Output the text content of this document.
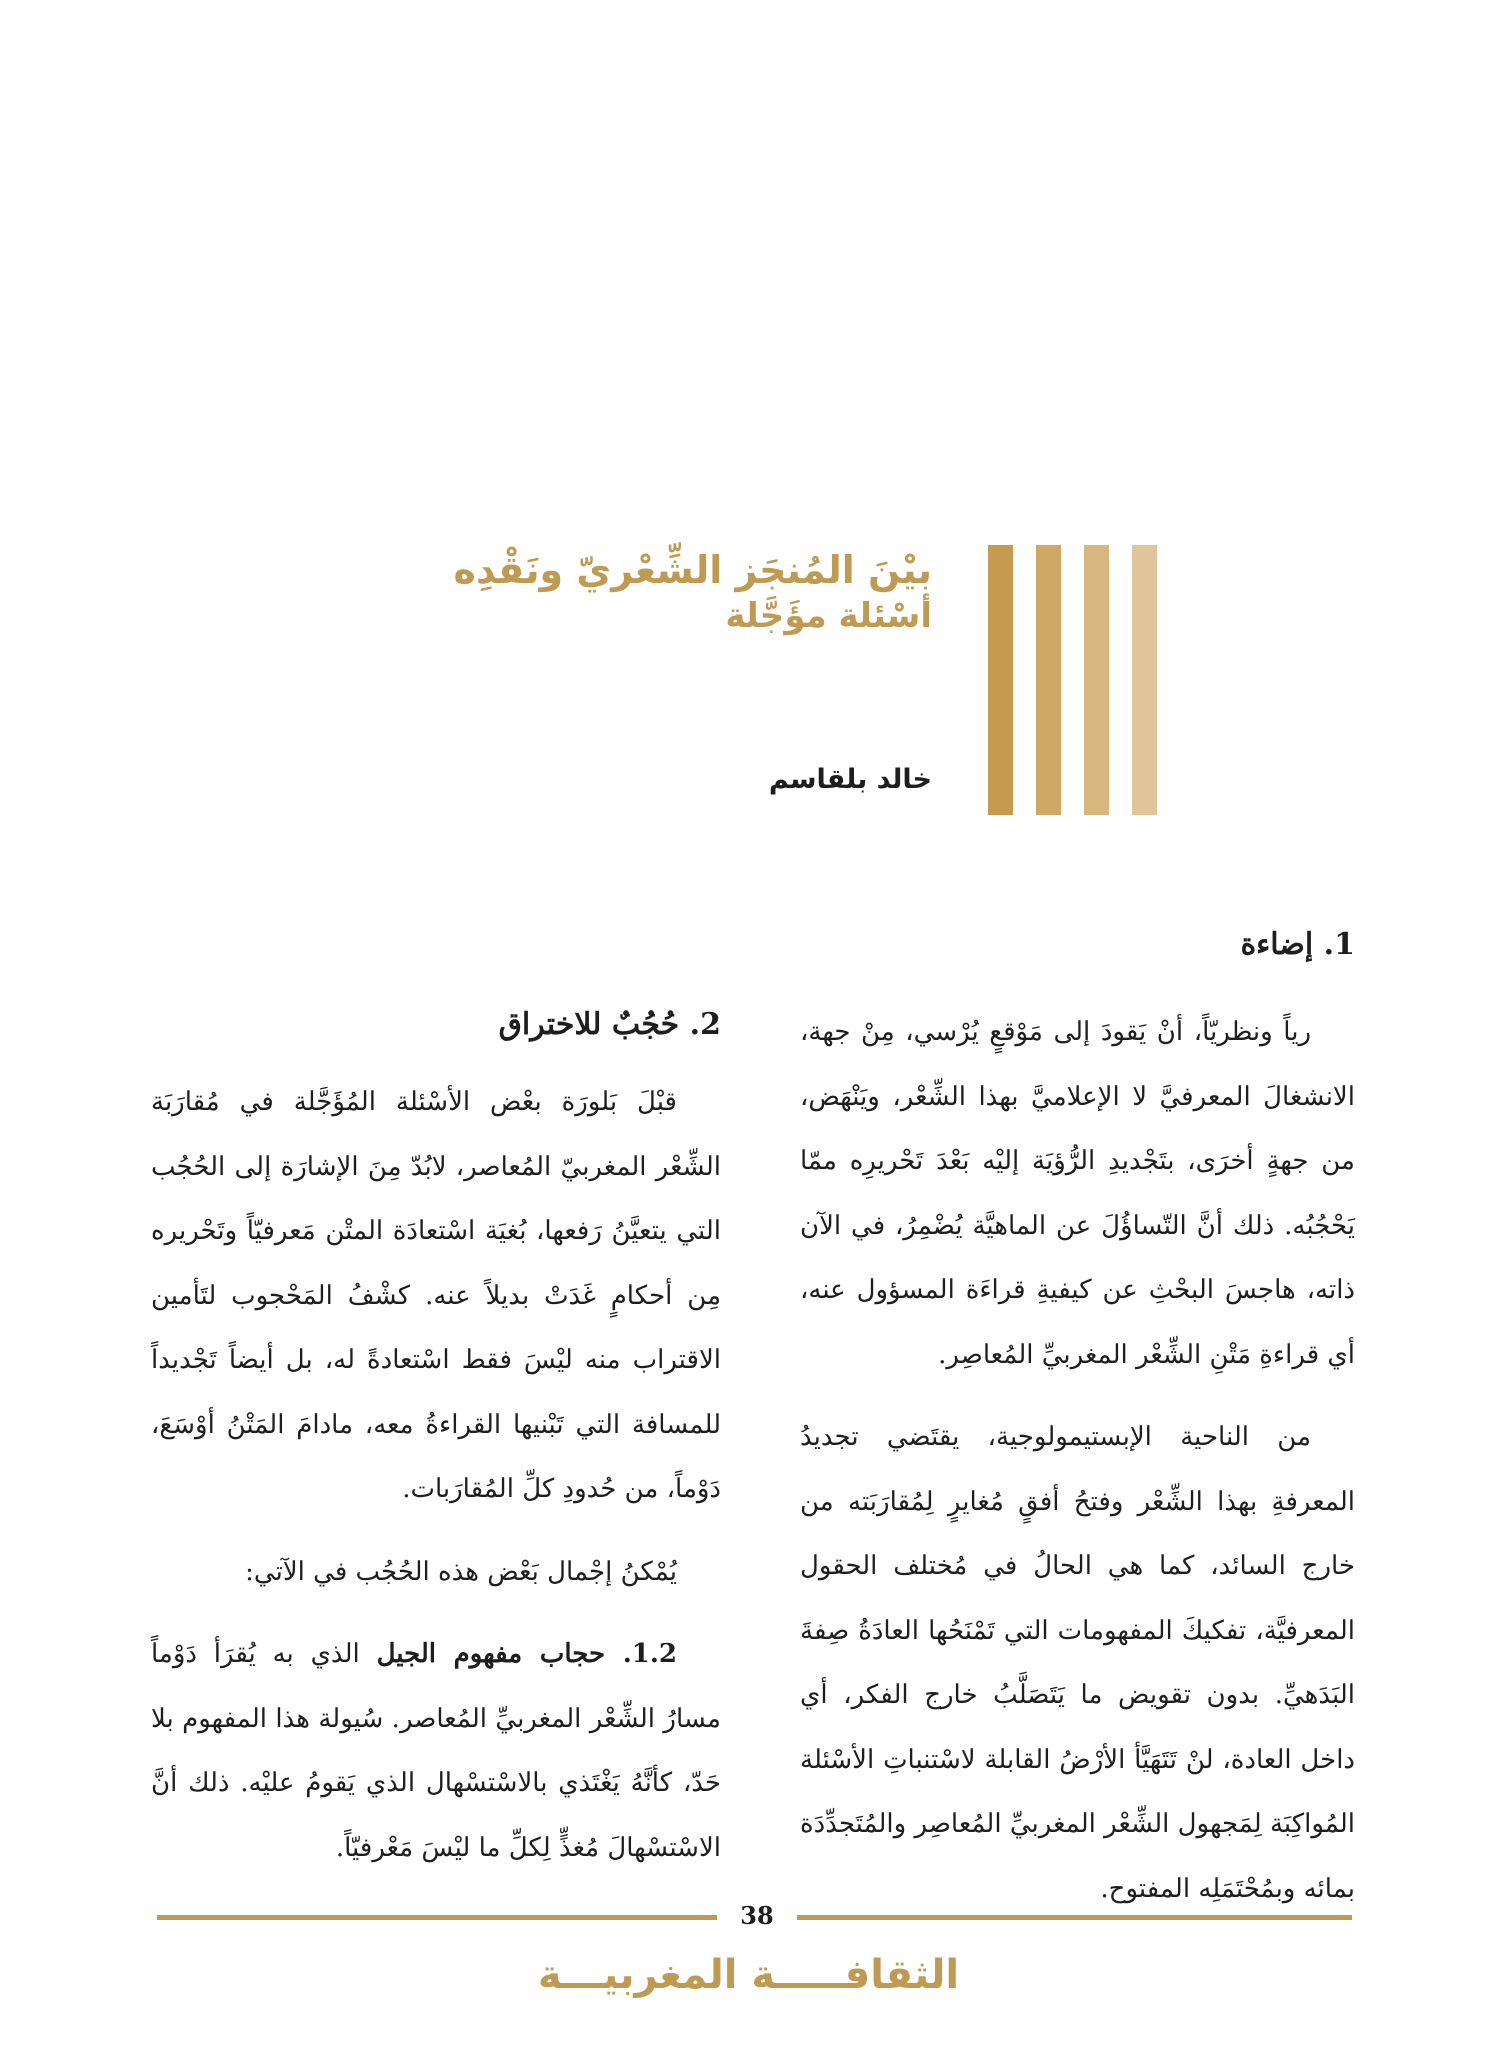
بيْنَ المُنجَز الشِّعْريّ ونَقْدِه
أسْئلة مؤَجَّلة
خالد بلقاسم
1. إضاءة

رياً ونظريّاً، أنْ يَقودَ إلى مَوْقعٍ يُرْسي، مِنْ جهة، الانشغالَ المعرفيَّ لا الإعلاميَّ بهذا الشِّعْر، ويَنْهَض، من جهةٍ أخرَى، بتَجْديدِ الرُّؤيَة إليْه بَعْدَ تَحْريرِه ممّا يَحْجُبُه. ذلك أنَّ التّساؤُلَ عن الماهيَّة يُضْمِرُ، في الآن ذاته، هاجسَ البحْثِ عن كيفيةِ قراءَة المسؤول عنه، أي قراءةِ مَتْنِ الشِّعْر المغربيِّ المُعاصِر.

من الناحية الإبستيمولوجية، يقتَضي تجديدُ المعرفةِ بهذا الشِّعْر وفتحُ أفقٍ مُغايرٍ لِمُقارَبَته من خارج السائد، كما هي الحالُ في مُختلف الحقول المعرفيَّة، تفكيكَ المفهومات التي تَمْنَحُها العادَةُ صِفةَ البَدَهيِّ. بدون تقويض ما يَتَصَلَّبُ خارج الفكر، أي داخل العادة، لنْ تَتَهَيَّأ الأرْضُ القابلة لاسْتنباتِ الأسْئلة المُواكِبَة لِمَجهول الشِّعْر المغربيِّ المُعاصِر والمُتَجدِّدَة بمائه وبمُحْتَمَلِه المفتوح.

2. حُجُبٌ للاختراق

قبْلَ بَلورَة بعْض الأسْئلة المُؤَجَّلة في مُقارَبَة الشِّعْر المغربيّ المُعاصر، لابُدّ مِنَ الإشارَة إلى الحُجُب التي يتعيَّنُ رَفعها، بُغيَة اسْتعادَة المتْن مَعرفيّاً وتَحْريره مِن أحكامٍ غَدَتْ بديلاً عنه. كشْفُ المَحْجوب لتَأمين الاقتراب منه ليْسَ فقط اسْتعادةً له، بل أيضاً تَجْديداً للمسافة التي تَبْنيها القراءةُ معه، مادامَ المَتْنُ أوْسَعَ، دَوْماً، من حُدودِ كلِّ المُقارَبات.

يُمْكنُ إجْمال بَعْض هذه الحُجُب في الآتي:

1.2. حجاب مفهوم الجيل الذي به يُقرَأ دَوْماً مسارُ الشِّعْر المغربيِّ المُعاصر. سُيولة هذا المفهوم بلا حَدّ، كأنَّهُ يَغْتَذي بالاسْتسْهال الذي يَقومُ عليْه. ذلك أنَّ الاسْتسْهالَ مُغذٍّ لِكلِّ ما ليْسَ مَعْرفيّاً.

38
الثقافـــــة المغربيـــة
